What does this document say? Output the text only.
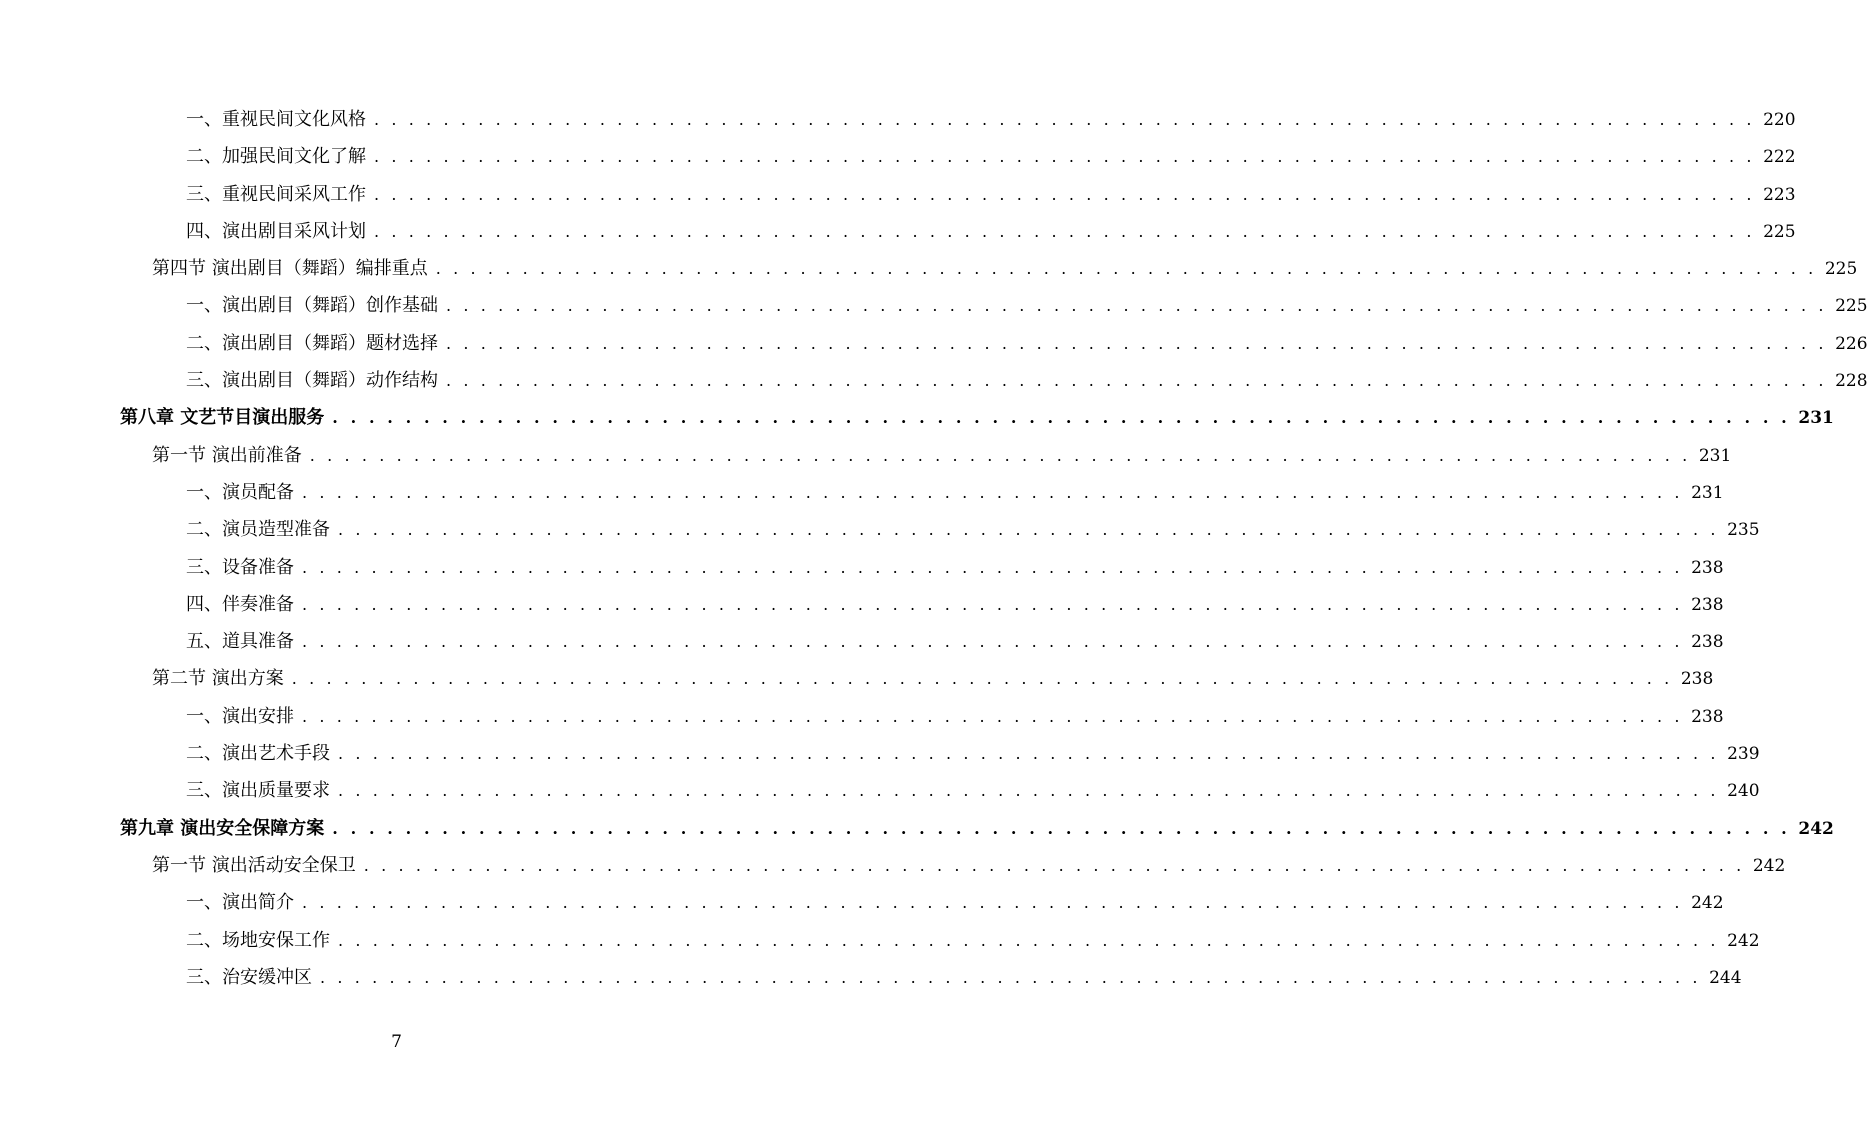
一、重视民间文化风格 . . . . . . . . . . . . . . . . . . . . . . . . . . . . . . . . . . . . . . . . . . . . . . . . . . . . . . . . . . . . . . . . . . . . . . . . . . . . . . . . 220
二、加强民间文化了解 . . . . . . . . . . . . . . . . . . . . . . . . . . . . . . . . . . . . . . . . . . . . . . . . . . . . . . . . . . . . . . . . . . . . . . . . . . . . . . . . 222
三、重视民间采风工作 . . . . . . . . . . . . . . . . . . . . . . . . . . . . . . . . . . . . . . . . . . . . . . . . . . . . . . . . . . . . . . . . . . . . . . . . . . . . . . . . 223
四、演出剧目采风计划 . . . . . . . . . . . . . . . . . . . . . . . . . . . . . . . . . . . . . . . . . . . . . . . . . . . . . . . . . . . . . . . . . . . . . . . . . . . . . . . . 225
第四节 演出剧目（舞蹈）编排重点 . . . . . . . . . . . . . . . . . . . . . . . . . . . . . . . . . . . . . . . . . . . . . . . . . . . . . . . . . . . . . . . . . . . . . . . . . . . . . . . . 225
一、演出剧目（舞蹈）创作基础 . . . . . . . . . . . . . . . . . . . . . . . . . . . . . . . . . . . . . . . . . . . . . . . . . . . . . . . . . . . . . . . . . . . . . . . . . . . . . . . . 225
二、演出剧目（舞蹈）题材选择 . . . . . . . . . . . . . . . . . . . . . . . . . . . . . . . . . . . . . . . . . . . . . . . . . . . . . . . . . . . . . . . . . . . . . . . . . . . . . . . . 226
三、演出剧目（舞蹈）动作结构 . . . . . . . . . . . . . . . . . . . . . . . . . . . . . . . . . . . . . . . . . . . . . . . . . . . . . . . . . . . . . . . . . . . . . . . . . . . . . . . . 228
第八章 文艺节目演出服务 . . . . . . . . . . . . . . . . . . . . . . . . . . . . . . . . . . . . . . . . . . . . . . . . . . . . . . . . . . . . . . . . . . . . . . . . . . . . . . . . 231
第一节 演出前准备 . . . . . . . . . . . . . . . . . . . . . . . . . . . . . . . . . . . . . . . . . . . . . . . . . . . . . . . . . . . . . . . . . . . . . . . . . . . . . . . . 231
一、演员配备 . . . . . . . . . . . . . . . . . . . . . . . . . . . . . . . . . . . . . . . . . . . . . . . . . . . . . . . . . . . . . . . . . . . . . . . . . . . . . . . . 231
二、演员造型准备 . . . . . . . . . . . . . . . . . . . . . . . . . . . . . . . . . . . . . . . . . . . . . . . . . . . . . . . . . . . . . . . . . . . . . . . . . . . . . . . . 235
三、设备准备 . . . . . . . . . . . . . . . . . . . . . . . . . . . . . . . . . . . . . . . . . . . . . . . . . . . . . . . . . . . . . . . . . . . . . . . . . . . . . . . . 238
四、伴奏准备 . . . . . . . . . . . . . . . . . . . . . . . . . . . . . . . . . . . . . . . . . . . . . . . . . . . . . . . . . . . . . . . . . . . . . . . . . . . . . . . . 238
五、道具准备 . . . . . . . . . . . . . . . . . . . . . . . . . . . . . . . . . . . . . . . . . . . . . . . . . . . . . . . . . . . . . . . . . . . . . . . . . . . . . . . . 238
第二节 演出方案 . . . . . . . . . . . . . . . . . . . . . . . . . . . . . . . . . . . . . . . . . . . . . . . . . . . . . . . . . . . . . . . . . . . . . . . . . . . . . . . . 238
一、演出安排 . . . . . . . . . . . . . . . . . . . . . . . . . . . . . . . . . . . . . . . . . . . . . . . . . . . . . . . . . . . . . . . . . . . . . . . . . . . . . . . . 238
二、演出艺术手段 . . . . . . . . . . . . . . . . . . . . . . . . . . . . . . . . . . . . . . . . . . . . . . . . . . . . . . . . . . . . . . . . . . . . . . . . . . . . . . . . 239
三、演出质量要求 . . . . . . . . . . . . . . . . . . . . . . . . . . . . . . . . . . . . . . . . . . . . . . . . . . . . . . . . . . . . . . . . . . . . . . . . . . . . . . . . 240
第九章 演出安全保障方案 . . . . . . . . . . . . . . . . . . . . . . . . . . . . . . . . . . . . . . . . . . . . . . . . . . . . . . . . . . . . . . . . . . . . . . . . . . . . . . . . 242
第一节 演出活动安全保卫 . . . . . . . . . . . . . . . . . . . . . . . . . . . . . . . . . . . . . . . . . . . . . . . . . . . . . . . . . . . . . . . . . . . . . . . . . . . . . . . . 242
一、演出简介 . . . . . . . . . . . . . . . . . . . . . . . . . . . . . . . . . . . . . . . . . . . . . . . . . . . . . . . . . . . . . . . . . . . . . . . . . . . . . . . . 242
二、场地安保工作 . . . . . . . . . . . . . . . . . . . . . . . . . . . . . . . . . . . . . . . . . . . . . . . . . . . . . . . . . . . . . . . . . . . . . . . . . . . . . . . . 242
三、治安缓冲区 . . . . . . . . . . . . . . . . . . . . . . . . . . . . . . . . . . . . . . . . . . . . . . . . . . . . . . . . . . . . . . . . . . . . . . . . . . . . . . . . 244
7
